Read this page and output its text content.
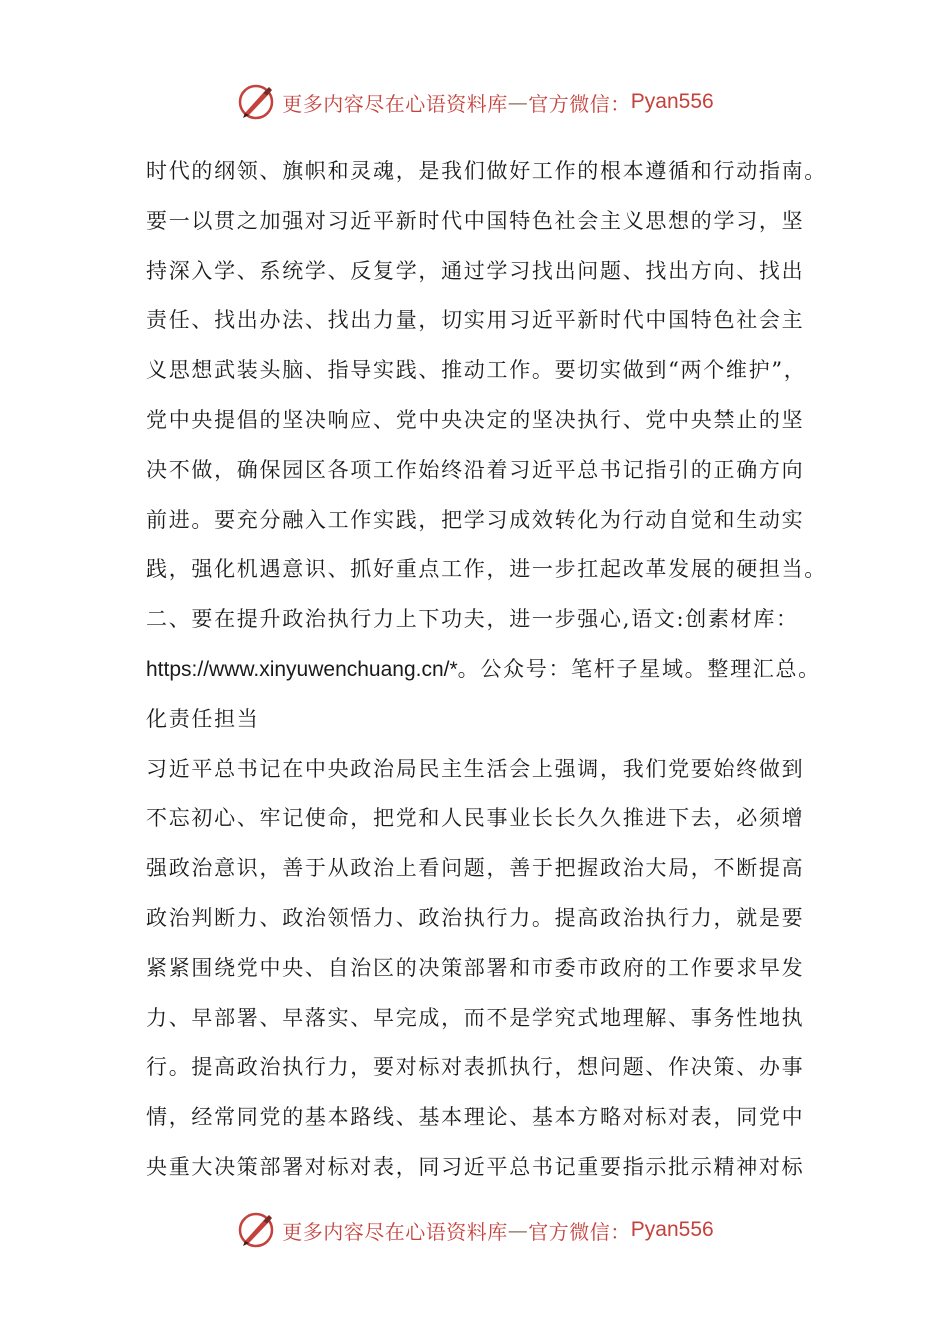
更多内容尽在心语资料库 — 官方微信： Pyan556
时代的纲领、旗帜和灵魂，是我们做好工作的根本遵循和行动指南。
要一以贯之加强对习近平新时代中国特色社会主义思想的学习，坚
持深入学、系统学、反复学，通过学习找出问题、找出方向、找出
责任、找出办法、找出力量，切实用习近平新时代中国特色社会主
义思想武装头脑、指导实践、推动工作。要切实做到“两个维护”，
党中央提倡的坚决响应、党中央决定的坚决执行、党中央禁止的坚
决不做，确保园区各项工作始终沿着习近平总书记指引的正确方向
前进。要充分融入工作实践，把学习成效转化为行动自觉和生动实
践，强化机遇意识、抓好重点工作，进一步扛起改革发展的硬担当。
二、要在提升政治执行力上下功夫，进一步强心,语文:创素材库：
https://www.xinyuwenchuang.cn/*。公众号：笔杆子星域。整理汇总。
化责任担当
习近平总书记在中央政治局民主生活会上强调，我们党要始终做到
不忘初心、牢记使命，把党和人民事业长长久久推进下去，必须增
强政治意识，善于从政治上看问题，善于把握政治大局，不断提高
政治判断力、政治领悟力、政治执行力。提高政治执行力，就是要
紧紧围绕党中央、自治区的决策部署和市委市政府的工作要求早发
力、早部署、早落实、早完成，而不是学究式地理解、事务性地执
行。提高政治执行力，要对标对表抓执行，想问题、作决策、办事
情，经常同党的基本路线、基本理论、基本方略对标对表，同党中
央重大决策部署对标对表，同习近平总书记重要指示批示精神对标
更多内容尽在心语资料库 — 官方微信： Pyan556
